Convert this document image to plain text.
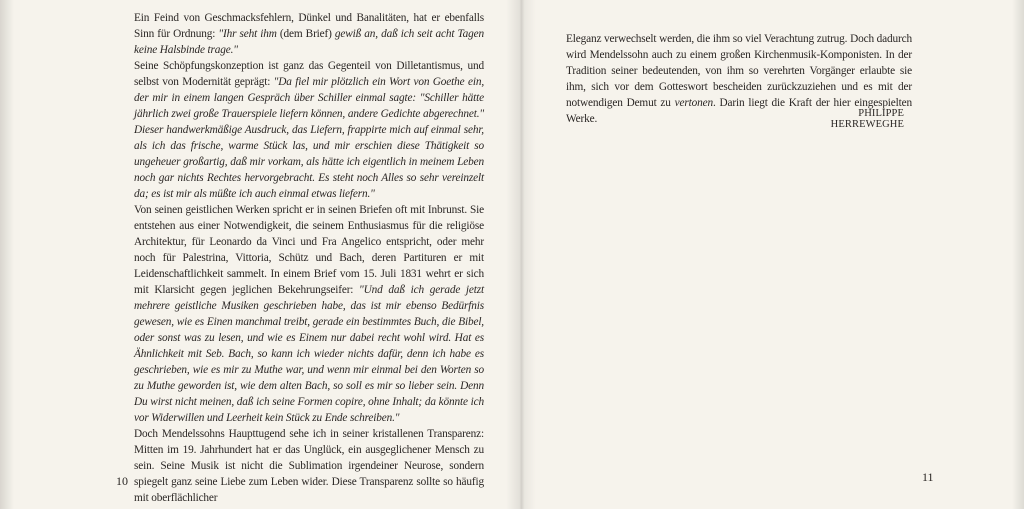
Ein Feind von Geschmacksfehlern, Dünkel und Banalitäten, hat er ebenfalls Sinn für Ordnung: "Ihr seht ihm (dem Brief) gewiß an, daß ich seit acht Tagen keine Halsbinde trage."

Seine Schöpfungskonzeption ist ganz das Gegenteil von Dilletantismus, und selbst von Modernität geprägt: "Da fiel mir plötzlich ein Wort von Goethe ein, der mir in einem langen Gespräch über Schiller einmal sagte: "Schiller hätte jährlich zwei große Trauerspiele liefern können, andere Gedichte abgerechnet." Dieser handwerkmäßige Ausdruck, das Liefern, frappirte mich auf einmal sehr, als ich das frische, warme Stück las, und mir erschien diese Thätigkeit so ungeheuer großartig, daß mir vorkam, als hätte ich eigentlich in meinem Leben noch gar nichts Rechtes hervorgebracht. Es steht noch Alles so sehr vereinzelt da; es ist mir als müßte ich auch einmal etwas liefern."

Von seinen geistlichen Werken spricht er in seinen Briefen oft mit Inbrunst. Sie entstehen aus einer Notwendigkeit, die seinem Enthusiasmus für die religiöse Architektur, für Leonardo da Vinci und Fra Angelico entspricht, oder mehr noch für Palestrina, Vittoria, Schütz und Bach, deren Partituren er mit Leidenschaftlichkeit sammelt. In einem Brief vom 15. Juli 1831 wehrt er sich mit Klarsicht gegen jeglichen Bekehrungseifer: "Und daß ich gerade jetzt mehrere geistliche Musiken geschrieben habe, das ist mir ebenso Bedürfnis gewesen, wie es Einen manchmal treibt, gerade ein bestimmtes Buch, die Bibel, oder sonst was zu lesen, und wie es Einem nur dabei recht wohl wird. Hat es Ähnlichkeit mit Seb. Bach, so kann ich wieder nichts dafür, denn ich habe es geschrieben, wie es mir zu Muthe war, und wenn mir einmal bei den Worten so zu Muthe geworden ist, wie dem alten Bach, so soll es mir so lieber sein. Denn Du wirst nicht meinen, daß ich seine Formen copire, ohne Inhalt; da könnte ich vor Widerwillen und Leerheit kein Stück zu Ende schreiben."

Doch Mendelssohns Haupttugend sehe ich in seiner kristallenen Transparenz: Mitten im 19. Jahrhundert hat er das Unglück, ein ausgeglichener Mensch zu sein. Seine Musik ist nicht die Sublimation irgendeiner Neurose, sondern spiegelt ganz seine Liebe zum Leben wider. Diese Transparenz sollte so häufig mit oberflächlicher

10

Eleganz verwechselt werden, die ihm so viel Verachtung zutrug. Doch dadurch wird Mendelssohn auch zu einem großen Kirchenmusik-Komponisten. In der Tradition seiner bedeutenden, von ihm so verehrten Vorgänger erlaubte sie ihm, sich vor dem Gotteswort bescheiden zurückzuziehen und es mit der notwendigen Demut zu vertonen. Darin liegt die Kraft der hier eingespielten Werke.	PHILIPPE HERREWEGHE
11
